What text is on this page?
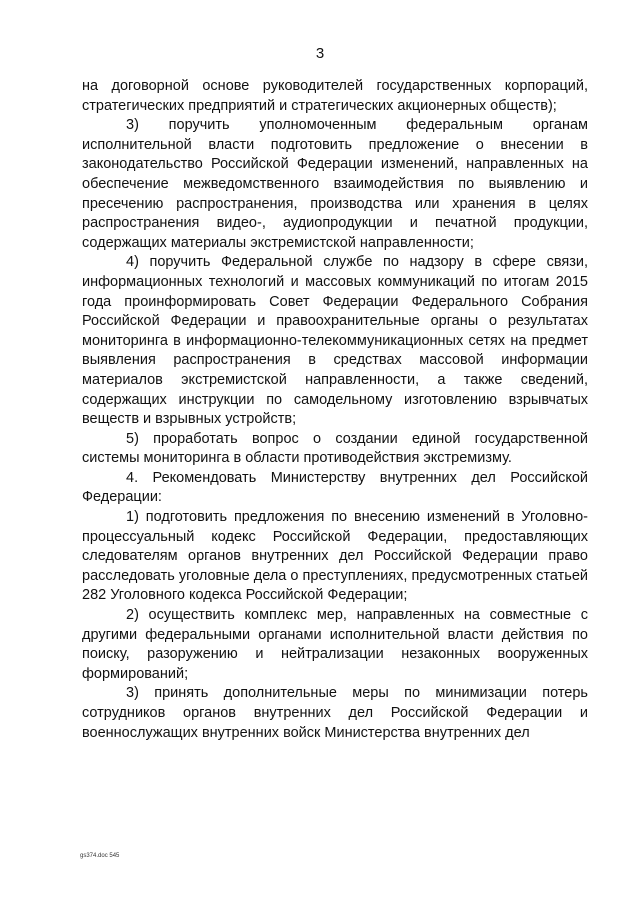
3

на договорной основе руководителей государственных корпораций, стратегических предприятий и стратегических акционерных обществ);

3) поручить уполномоченным федеральным органам исполнительной власти подготовить предложение о внесении в законодательство Российской Федерации изменений, направленных на обеспечение межведомственного взаимодействия по выявлению и пресечению распространения, производства или хранения в целях распространения видео-, аудиопродукции и печатной продукции, содержащих материалы экстремистской направленности;

4) поручить Федеральной службе по надзору в сфере связи, информационных технологий и массовых коммуникаций по итогам 2015 года проинформировать Совет Федерации Федерального Собрания Российской Федерации и правоохранительные органы о результатах мониторинга в информационно-телекоммуникационных сетях на предмет выявления распространения в средствах массовой информации материалов экстремистской направленности, а также сведений, содержащих инструкции по самодельному изготовлению взрывчатых веществ и взрывных устройств;

5) проработать вопрос о создании единой государственной системы мониторинга в области противодействия экстремизму.

4. Рекомендовать Министерству внутренних дел Российской Федерации:

1) подготовить предложения по внесению изменений в Уголовно-процессуальный кодекс Российской Федерации, предоставляющих следователям органов внутренних дел Российской Федерации право расследовать уголовные дела о преступлениях, предусмотренных статьей 282 Уголовного кодекса Российской Федерации;

2) осуществить комплекс мер, направленных на совместные с другими федеральными органами исполнительной власти действия по поиску, разоружению и нейтрализации незаконных вооруженных формирований;

3) принять дополнительные меры по минимизации потерь сотрудников органов внутренних дел Российской Федерации и военнослужащих внутренних войск Министерства внутренних дел

gs374.doc 545
